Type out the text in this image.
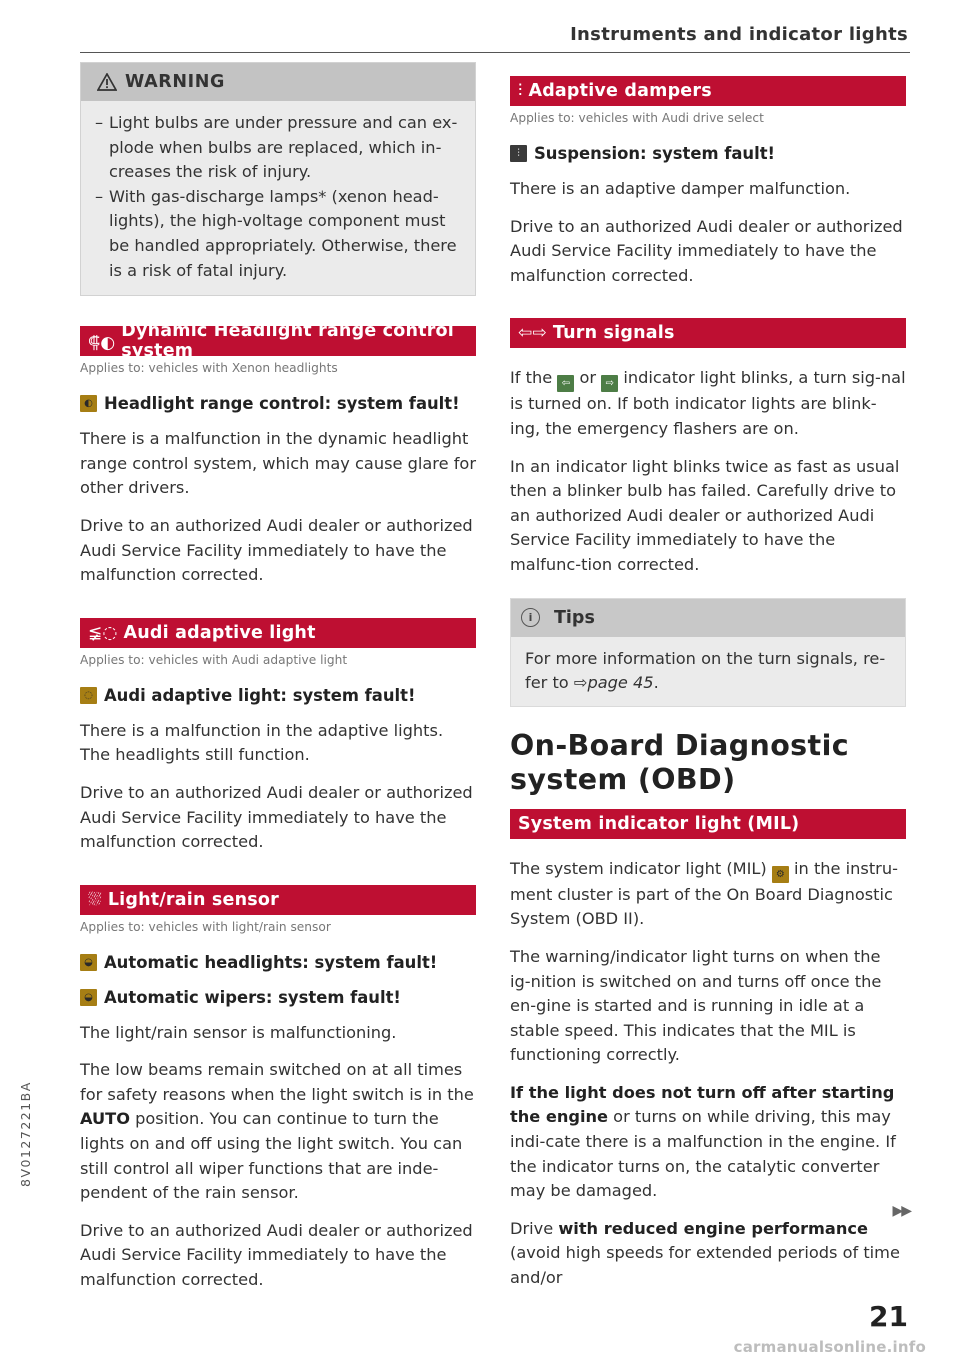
Instruments and indicator lights
WARNING
– Light bulbs are under pressure and can ex-plode when bulbs are replaced, which in-creases the risk of injury.
– With gas-discharge lamps* (xenon head-lights), the high-voltage component must be handled appropriately. Otherwise, there is a risk of fatal injury.
⸿◐
Dynamic Headlight range control system
Applies to: vehicles with Xenon headlights
◐ Headlight range control: system fault!

There is a malfunction in the dynamic headlight range control system, which may cause glare for other drivers.

Drive to an authorized Audi dealer or authorized Audi Service Facility immediately to have the malfunction corrected.

≨◌ Audi adaptive light
Applies to: vehicles with Audi adaptive light
◌ Audi adaptive light: system fault!

There is a malfunction in the adaptive lights. The headlights still function.

Drive to an authorized Audi dealer or authorized Audi Service Facility immediately to have the malfunction corrected.

⛆ Light/rain sensor
Applies to: vehicles with light/rain sensor
◒ Automatic headlights: system fault!
◒ Automatic wipers: system fault!

The light/rain sensor is malfunctioning.

The low beams remain switched on at all times for safety reasons when the light switch is in the AUTO position. You can continue to turn the lights on and off using the light switch. You can still control all wiper functions that are inde-pendent of the rain sensor.

Drive to an authorized Audi dealer or authorized Audi Service Facility immediately to have the malfunction corrected.

⫶ Adaptive dampers
Applies to: vehicles with Audi drive select
⫶ Suspension: system fault!

There is an adaptive damper malfunction.

Drive to an authorized Audi dealer or authorized Audi Service Facility immediately to have the malfunction corrected.

⇦⇨ Turn signals

If the ⇦ or ⇨ indicator light blinks, a turn sig-nal is turned on. If both indicator lights are blink-ing, the emergency flashers are on.

In an indicator light blinks twice as fast as usual then a blinker bulb has failed. Carefully drive to an authorized Audi dealer or authorized Audi Service Facility immediately to have the malfunc-tion corrected.

i	Tips
For more information on the turn signals, re-fer to ⇨page 45.
On-Board Diagnostic system (OBD)
System indicator light (MIL)

The system indicator light (MIL) ⚙ in the instru-ment cluster is part of the On Board Diagnostic System (OBD II).

The warning/indicator light turns on when the ig-nition is switched on and turns off once the en-gine is started and is running in idle at a stable speed. This indicates that the MIL is functioning correctly.

If the light does not turn off after starting the engine or turns on while driving, this may indi-cate there is a malfunction in the engine. If the indicator turns on, the catalytic converter may be damaged.

Drive with reduced engine performance (avoid high speeds for extended periods of time and/or

▶▶
8V0127221BA
21
carmanualsonline.info
